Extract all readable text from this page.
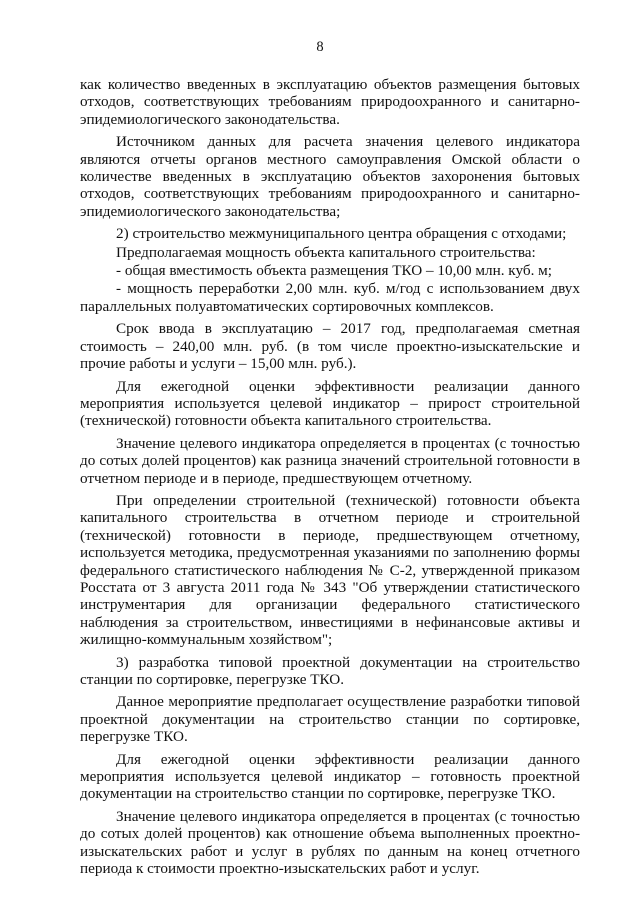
8

как количество введенных в эксплуатацию объектов размещения бытовых отходов, соответствующих требованиям природоохранного и санитарно-эпидемиологического законодательства.

Источником данных для расчета значения целевого индикатора являются отчеты органов местного самоуправления Омской области о количестве введенных в эксплуатацию объектов захоронения бытовых отходов, соответствующих требованиям природоохранного и санитарно-эпидемиологического законодательства;

2) строительство межмуниципального центра обращения с отходами;

Предполагаемая мощность объекта капитального строительства:

- общая вместимость объекта размещения ТКО – 10,00 млн. куб. м;

- мощность переработки 2,00 млн. куб. м/год с использованием двух параллельных полуавтоматических сортировочных комплексов.

Срок ввода в эксплуатацию – 2017 год, предполагаемая сметная стоимость – 240,00 млн. руб. (в том числе проектно-изыскательские и прочие работы и услуги – 15,00 млн. руб.).

Для ежегодной оценки эффективности реализации данного мероприятия используется целевой индикатор – прирост строительной (технической) готовности объекта капитального строительства.

Значение целевого индикатора определяется в процентах (с точностью до сотых долей процентов) как разница значений строительной готовности в отчетном периоде и в периоде, предшествующем отчетному.

При определении строительной (технической) готовности объекта капитального строительства в отчетном периоде и строительной (технической) готовности в периоде, предшествующем отчетному, используется методика, предусмотренная указаниями по заполнению формы федерального статистического наблюдения № С-2, утвержденной приказом Росстата от 3 августа 2011 года № 343 "Об утверждении статистического инструментария для организации федерального статистического наблюдения за строительством, инвестициями в нефинансовые активы и жилищно-коммунальным хозяйством";

3) разработка типовой проектной документации на строительство станции по сортировке, перегрузке ТКО.

Данное мероприятие предполагает осуществление разработки типовой проектной документации на строительство станции по сортировке, перегрузке ТКО.

Для ежегодной оценки эффективности реализации данного мероприятия используется целевой индикатор – готовность проектной документации на строительство станции по сортировке, перегрузке ТКО.

Значение целевого индикатора определяется в процентах (с точностью до сотых долей процентов) как отношение объема выполненных проектно-изыскательских работ и услуг в рублях по данным на конец отчетного периода к стоимости проектно-изыскательских работ и услуг.
